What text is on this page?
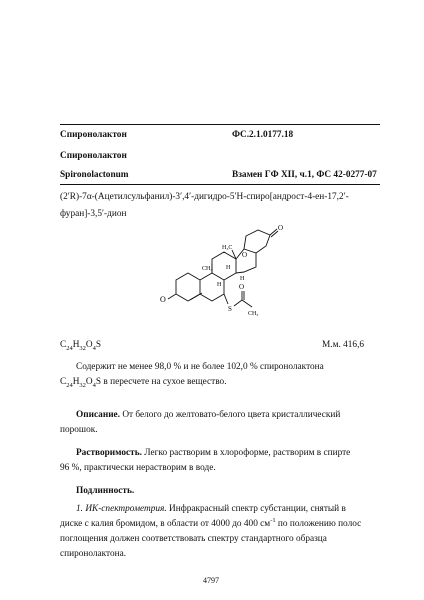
Спиронолактон	ФС.2.1.0177.18
Спиронолактон
Spironolactonum	Взамен ГФ XII, ч.1, ФС 42-0277-07
(2′R)-7α-(Ацетилсульфанил)-3′,4′-дигидро-5′H-спиро[андрост-4-ен-17,2′-
фуран]-3,5′-дион
O
CH₃
H₃C
H
H
H
O
O
S
O
CH₃
$C_{24}H_{32}O_4S$	М.м. 416,6
Содержит не менее 98,0 % и не более 102,0 % спиронолактона
$C_{24}H_{32}O_4S$ в пересчете на сухое вещество.
Описание. От белого до желтовато-белого цвета кристаллический
порошок.
Растворимость. Легко растворим в хлороформе, растворим в спирте
96 %, практически нерастворим в воде.
Подлинность.
1. ИК-спектрометрия. Инфракрасный спектр субстанции, снятый в
диске с калия бромидом, в области от 4000 до 400 $см^{-1}$ по положению полос
поглощения должен соответствовать спектру стандартного образца
спиронолактона.
4797
